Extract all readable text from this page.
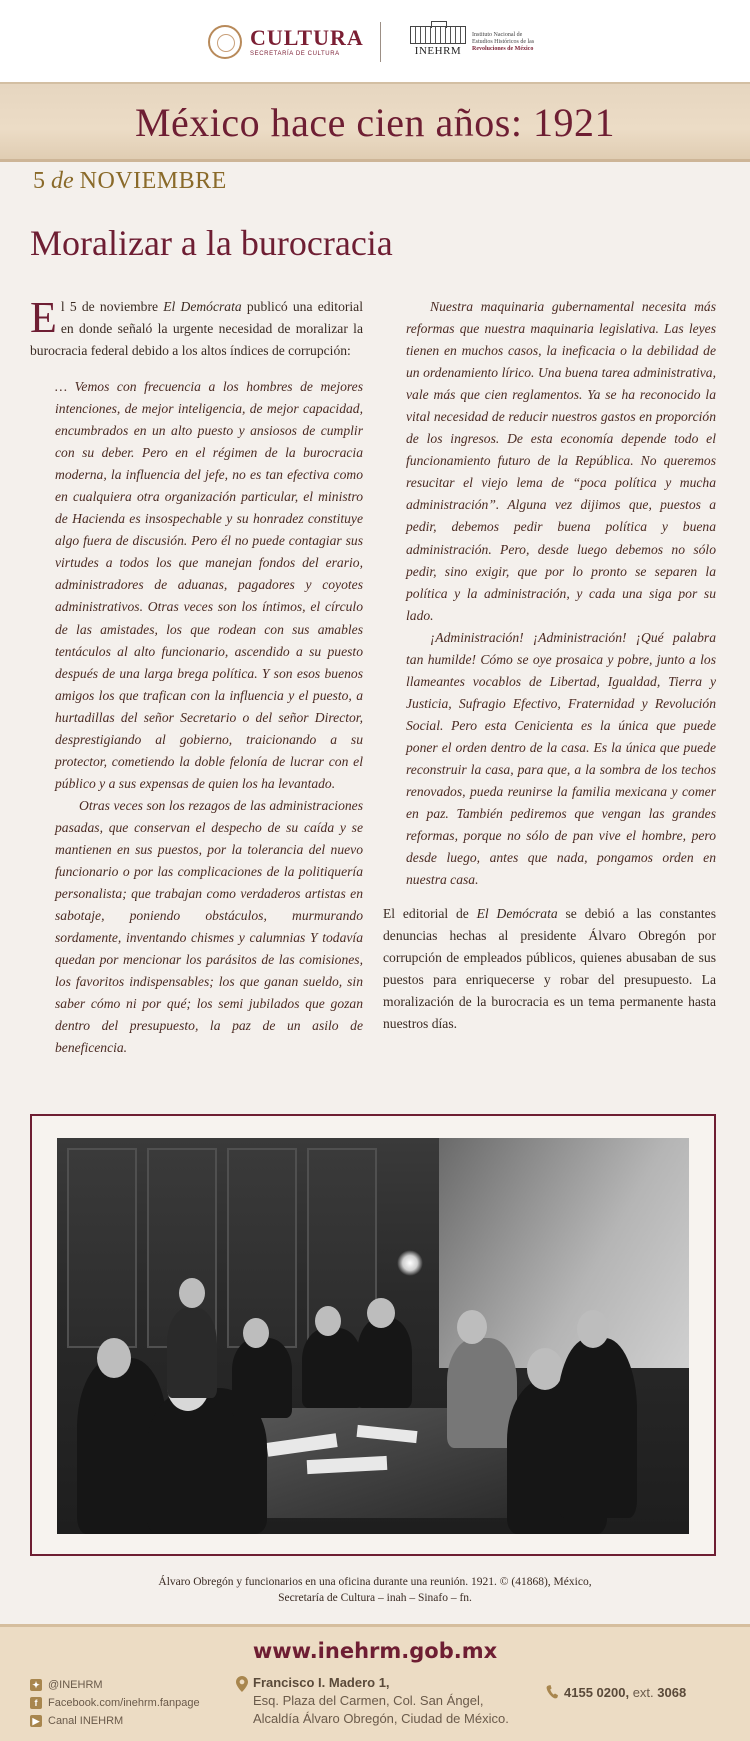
CULTURA
SECRETARÍA DE CULTURA	INEHRM
Instituto Nacional de
Estudios Históricos de las
Revoluciones de México
México hace cien años: 1921
5 de NOVIEMBRE
Moralizar a la burocracia

El 5 de noviembre El Demócrata publicó una editorial en donde señaló la urgente necesidad de moralizar la burocracia federal debido a los altos índices de corrupción:

… Vemos con frecuencia a los hombres de mejores intenciones, de mejor inteligencia, de mejor capacidad, encumbrados en un alto puesto y ansiosos de cumplir con su deber. Pero en el régimen de la burocracia moderna, la influencia del jefe, no es tan efectiva como en cualquiera otra organización particular, el ministro de Hacienda es insospechable y su honradez constituye algo fuera de discusión. Pero él no puede contagiar sus virtudes a todos los que manejan fondos del erario, administradores de aduanas, pagadores y coyotes administrativos. Otras veces son los íntimos, el círculo de las amistades, los que rodean con sus amables tentáculos al alto funcionario, ascendido a su puesto después de una larga brega política. Y son esos buenos amigos los que trafican con la influencia y el puesto, a hurtadillas del señor Secretario o del señor Director, desprestigiando al gobierno, traicionando a su protector, cometiendo la doble felonía de lucrar con el público y a sus expensas de quien los ha levantado.

Otras veces son los rezagos de las administraciones pasadas, que conservan el despecho de su caída y se mantienen en sus puestos, por la tolerancia del nuevo funcionario o por las complicaciones de la politiquería personalista; que trabajan como verdaderos artistas en sabotaje, poniendo obstáculos, murmurando sordamente, inventando chismes y calumnias Y todavía quedan por mencionar los parásitos de las comisiones, los favoritos indispensables; los que ganan sueldo, sin saber cómo ni por qué; los semi jubilados que gozan dentro del presupuesto, la paz de un asilo de beneficencia.

Nuestra maquinaria gubernamental necesita más reformas que nuestra maquinaria legislativa. Las leyes tienen en muchos casos, la ineficacia o la debilidad de un ordenamiento lírico. Una buena tarea administrativa, vale más que cien reglamentos. Ya se ha reconocido la vital necesidad de reducir nuestros gastos en proporción de los ingresos. De esta economía depende todo el funcionamiento futuro de la República. No queremos resucitar el viejo lema de “poca política y mucha administración”. Alguna vez dijimos que, puestos a pedir, debemos pedir buena política y buena administración. Pero, desde luego debemos no sólo pedir, sino exigir, que por lo pronto se separen la política y la administración, y cada una siga por su lado.

¡Administración! ¡Administración! ¡Qué palabra tan humilde! Cómo se oye prosaica y pobre, junto a los llameantes vocablos de Libertad, Igualdad, Tierra y Justicia, Sufragio Efectivo, Fraternidad y Revolución Social. Pero esta Cenicienta es la única que puede poner el orden dentro de la casa. Es la única que puede reconstruir la casa, para que, a la sombra de los techos renovados, pueda reunirse la familia mexicana y comer en paz. También pediremos que vengan las grandes reformas, porque no sólo de pan vive el hombre, pero desde luego, antes que nada, pongamos orden en nuestra casa.

El editorial de El Demócrata se debió a las constantes denuncias hechas al presidente Álvaro Obregón por corrupción de empleados públicos, quienes abusaban de sus puestos para enriquecerse y robar del presupuesto. La moralización de la burocracia es un tema permanente hasta nuestros días.

Álvaro Obregón y funcionarios en una oficina durante una reunión. 1921. © (41868), México,
Secretaría de Cultura – inah – Sinafo – fn.
www.inehrm.gob.mx
✦ @INEHRM
f Facebook.com/inehrm.fanpage
▶ Canal INEHRM
Francisco I. Madero 1,
Esq. Plaza del Carmen, Col. San Ángel,
Alcaldía Álvaro Obregón, Ciudad de México.
4155 0200, ext. 3068
